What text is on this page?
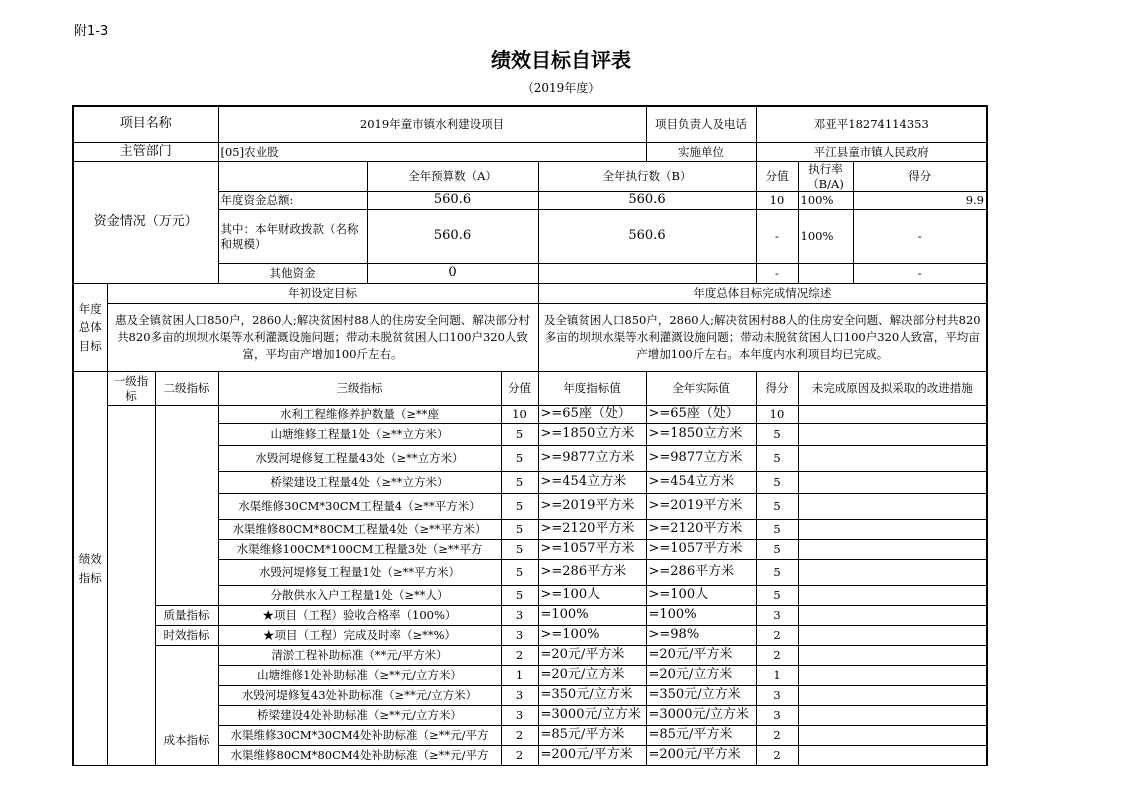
附1-3
绩效目标自评表
（2019年度）
项目名称	2019年童市镇水利建设项目	项目负责人及电话	邓亚平18274114353
主管部门	[05]农业股	实施单位	平江县童市镇人民政府
资金情况（万元）		全年预算数（A）	全年执行数（B）	分值	执行率（B/A)	得分
	年度资金总额:	560.6	560.6	10	100%	9.9
	其中：本年财政拨款（名称和规模）	560.6	560.6	-	100%	-
	其他资金	0		-		-
年度总体目标	年初设定目标	年度总体目标完成情况综述
	惠及全镇贫困人口850户，2860人;解决贫困村88人的住房安全问题、解决部分村共820多亩的坝坝水渠等水利灌溉设施问题；带动未脱贫贫困人口100户320人致富，平均亩产增加100斤左右。	及全镇贫困人口850户，2860人;解决贫困村88人的住房安全问题、解决部分村共820多亩的坝坝水渠等水利灌溉设施问题；带动未脱贫贫困人口100户320人致富，平均亩产增加100斤左右。本年度内水利项目均已完成。
绩效指标	一级指标	二级指标	三级指标	分值	年度指标值	全年实际值	得分	未完成原因及拟采取的改进措施
			水利工程维修养护数量（≥**座	10	>=65座（处）	>=65座（处）	10	
			山塘维修工程量1处（≥**立方米）	5	>=1850立方米	>=1850立方米	5	
			水毁河堤修复工程量43处（≥**立方米）	5	>=9877立方米	>=9877立方米	5	
			桥梁建设工程量4处（≥**立方米）	5	>=454立方米	>=454立方米	5	
			水渠维修30CM*30CM工程量4（≥**平方米）	5	>=2019平方米	>=2019平方米	5	
			水渠维修80CM*80CM工程量4处（≥**平方米）	5	>=2120平方米	>=2120平方米	5	
			水渠维修100CM*100CM工程量3处（≥**平方	5	>=1057平方米	>=1057平方米	5	
			水毁河堤修复工程量1处（≥**平方米）	5	>=286平方米	>=286平方米	5	
			分散供水入户工程量1处（≥**人）	5	>=100人	>=100人	5	
		质量指标	★项目（工程）验收合格率（100%）	3	=100%	=100%	3	
		时效指标	★项目（工程）完成及时率（≥**%）	3	>=100%	>=98%	2	
		成本指标	清淤工程补助标准（**元/平方米）	2	=20元/平方米	=20元/平方米	2	
			山塘维修1处补助标准（≥**元/立方米）	1	=20元/立方米	=20元/立方米	1	
			水毁河堤修复43处补助标准（≥**元/立方米）	3	=350元/立方米	=350元/立方米	3	
			桥梁建设4处补助标准（≥**元/立方米）	3	=3000元/立方米	=3000元/立方米	3	
			水渠维修30CM*30CM4处补助标准（≥**元/平方	2	=85元/平方米	=85元/平方米	2	
			水渠维修80CM*80CM4处补助标准（≥**元/平方	2	=200元/平方米	=200元/平方米	2	
